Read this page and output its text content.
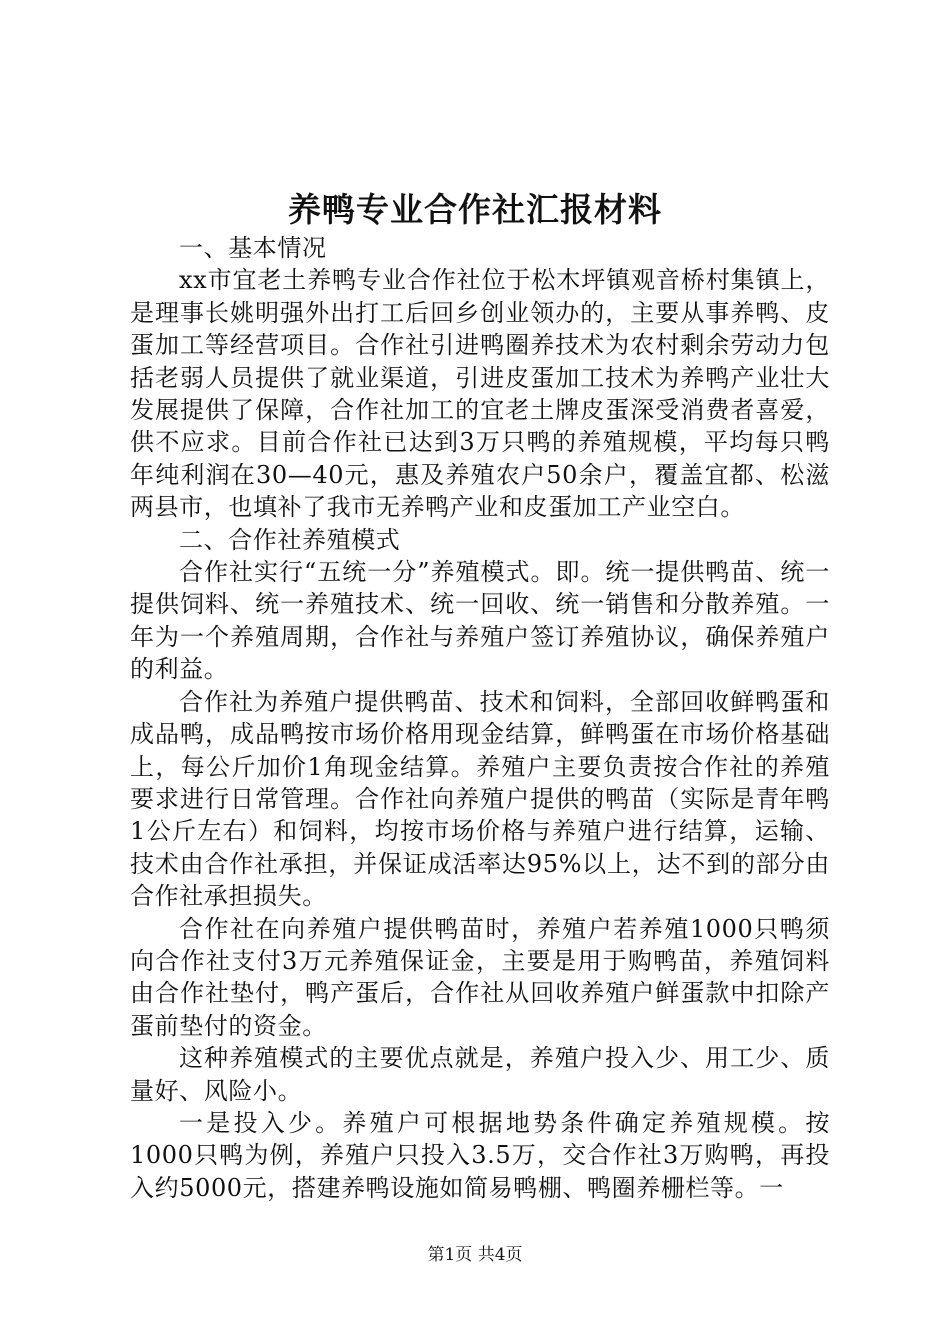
养鸭专业合作社汇报材料

一、基本情况

xx市宜老土养鸭专业合作社位于松木坪镇观音桥村集镇上，是理事长姚明强外出打工后回乡创业领办的，主要从事养鸭、皮蛋加工等经营项目。合作社引进鸭圈养技术为农村剩余劳动力包括老弱人员提供了就业渠道，引进皮蛋加工技术为养鸭产业壮大发展提供了保障，合作社加工的宜老土牌皮蛋深受消费者喜爱，供不应求。目前合作社已达到3万只鸭的养殖规模，平均每只鸭年纯利润在30—40元，惠及养殖农户50余户，覆盖宜都、松滋两县市，也填补了我市无养鸭产业和皮蛋加工产业空白。

二、合作社养殖模式

合作社实行“五统一分”养殖模式。即。统一提供鸭苗、统一提供饲料、统一养殖技术、统一回收、统一销售和分散养殖。一年为一个养殖周期，合作社与养殖户签订养殖协议，确保养殖户的利益。

合作社为养殖户提供鸭苗、技术和饲料，全部回收鲜鸭蛋和成品鸭，成品鸭按市场价格用现金结算，鲜鸭蛋在市场价格基础上，每公斤加价1角现金结算。养殖户主要负责按合作社的养殖要求进行日常管理。合作社向养殖户提供的鸭苗（实际是青年鸭1公斤左右）和饲料，均按市场价格与养殖户进行结算，运输、技术由合作社承担，并保证成活率达95%以上，达不到的部分由合作社承担损失。

合作社在向养殖户提供鸭苗时，养殖户若养殖1000只鸭须向合作社支付3万元养殖保证金，主要是用于购鸭苗，养殖饲料由合作社垫付，鸭产蛋后，合作社从回收养殖户鲜蛋款中扣除产蛋前垫付的资金。

这种养殖模式的主要优点就是，养殖户投入少、用工少、质量好、风险小。

一是投入少。养殖户可根据地势条件确定养殖规模。按1000只鸭为例，养殖户只投入3.5万，交合作社3万购鸭，再投入约5000元，搭建养鸭设施如简易鸭棚、鸭圈养栅栏等。一

第1页 共4页
